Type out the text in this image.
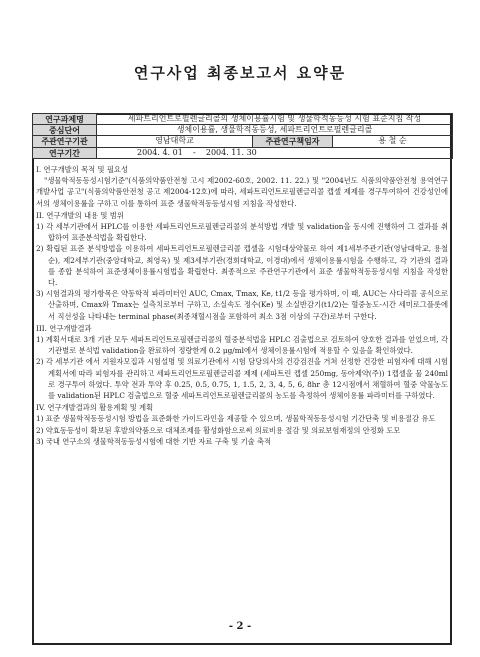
연구사업 최종보고서 요약문
연구과제명	세파트리언트로필렌글리콜의 생체이용률시험 및 생물학적동등성 시험 표준지침 작성		
중심단어	생체이용률, 생물학적동등성, 세파트리언트로필렌글리콜		
주관연구기관	영남대학교	주관연구책임자	용 철 순
연구기간	2004. 4. 01 - 2004. 11. 30		
I. 연구개발의 목적 및 필요성
"생물학적동등성시험기준"(식품의약품안전청 고시 제2002-60호, 2002. 11. 22.) 및 "2004년도 식품의약품안전청 용역연구개발사업 공고"(식품의약품안전청 공고 제2004-12호)에 따라, 세파트리언트로필렌글리콜 캡셀 제제를 경구투여하여 건강성인에서의 생체이용률을 구하고 이를 통하여 표준 생물학적동등성시험 지침을 작성한다.
II. 연구개발의 내용 및 범위
1) 각 세부기관에서 HPLC를 이용한 세파트리언트로필렌글리콜의 분석방법 개발 및 validation을 동시에 진행하여 그 결과를 취합하여 표준분석법을 확립한다.
2) 확립된 표준 분석방법을 이용하여 세파트리언트로필렌글리콜 캡셀을 시험대상약물로 하여 제1세부주관기관(영남대학교, 용철순), 제2세부기관(중앙대학교, 최영욱) 및 제3세부기관(경희대학교, 이경대)에서 생체이용률시험을 수행하고, 각 기관의 결과를 종합 분석하여 표준생체이용률시험법을 확립한다. 최종적으로 주관연구기관에서 표준 생물학적동등성시험 지침을 작성한다.
3) 시험결과의 평가항목은 약동학적 파라미터인 AUC, Cmax, Tmax, Ke, t1/2 등을 평가하며, 이 때, AUC는 사다리꼴 공식으로 산출하며, Cmax와 Tmax는 실측치로부터 구하고, 소실속도 정수(Ke) 및 소실반감기(t1/2)는 혈중농도-시간 세미로그플롯에서 직선성을 나타내는 terminal phase(최종채혈시점을 포함하여 최소 3점 이상의 구간)로부터 구한다.
III. 연구개발결과
1) 계획서대로 3개 기관 모두 세파트리언트로필렌글리콜의 혈중분석법을 HPLC 검출법으로 검토하여 양호한 결과를 얻었으며, 각 기관별로 분석법 validation을 완료하여 정량한계 0.2 μg/ml에서 생체이용률시험에 적용할 수 있음을 확인하였다.
2) 각 세부기관 에서 지원자모집과 시험설명 및 의료기관에서 시험 담당의사의 건강검진을 거쳐 선정한 건강한 피험자에 대해 시험계획서에 따라 피험자를 관리하고 세파트리언트로필렌글리콜 제제 (세파트린 캡셀 250mg, 동아제약(주)) 1캡셀을 물 240ml로 경구투여 하였다. 투약 전과 투약 후 0.25, 0.5, 0.75, 1, 1.5, 2, 3, 4, 5, 6, 8hr 총 12시점에서 채혈하여 혈중 약물농도를 validation된 HPLC 검출법으로 혈중 세파트리언트로필렌글리콜의 농도를 측정하여 생체이용률 파라미터를 구하였다.
IV. 연구개발결과의 활용계획 및 계획
1) 표준 생물학적동등성시험 방법을 표준화한 가이드라인을 제공할 수 있으며, 생물학적동등성시험 기간단축 및 비용절감 유도
2) 약효동등성이 확보된 후발의약품으로 대체조제를 활성화함으로써 의료비용 절감 및 의료보험재정의 안정화 도모
3) 국내 연구소의 생물학적동등성시험에 대한 기반 자료 구축 및 기술 축적
- 2 -
